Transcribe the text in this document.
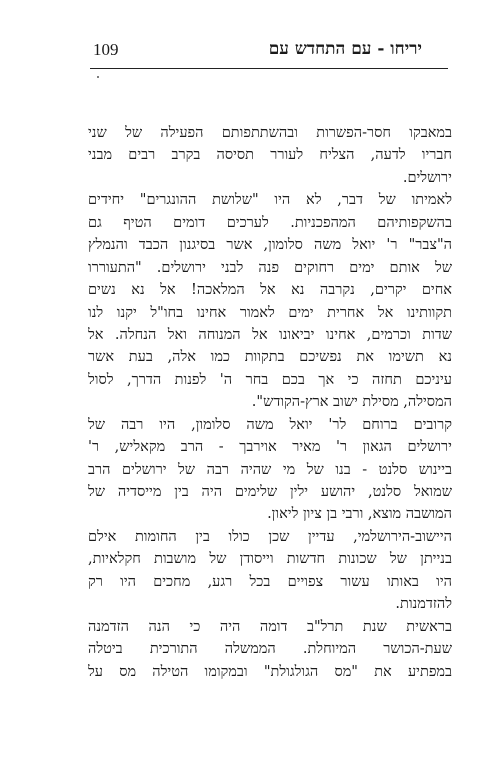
109	יריחו - עם התחדש עם

במאבקו חסר-הפשרות ובהשתתפותם הפעילה של שני
חבריו לדעה, הצליח לעורר תסיסה בקרב רבים מבני
ירושלים.

לאמיתו של דבר, לא היו "שלושת ההונגרים" יחידים
בהשקפותיהם המהפכניות. לערכים דומים הטיף גם
ה"צבר" ר' יואל משה סלומון, אשר בסיגנון הכבד והנמלץ
של אותם ימים רחוקים פנה לבני ירושלים. "התעוררו
אחים יקרים, נקרבה נא אל המלאכה! אל נא נשים
תקוותינו אל אחרית ימים לאמור אחינו בחו"ל יקנו לנו
שדות וכרמים, אחינו יביאונו אל המנוחה ואל הנחלה. אל
נא תשימו את נפשיכם בתקוות כמו אלה, בעת אשר
עיניכם תחזה כי אך בכם בחר ה' לפנות הדרך, לסול
המסילה, מסילת ישוב ארץ-הקודש".

קרובים ברוחם לר' יואל משה סלומון, היו רבה של
ירושלים הגאון ר' מאיר אוירבך - הרב מקאליש, ר'
ביינוש סלנט - בנו של מי שהיה רבה של ירושלים הרב
שמואל סלנט, יהושע ילין שלימים היה בין מייסדיה של
המושבה מוצא, ורבי בן ציון ליאון.

היישוב-הירושלמי, עדיין שכן כולו בין החומות אילם
בנייתן של שכונות חדשות וייסודן של מושבות חקלאיות,
היו באותו עשור צפויים בכל רגע, מחכים היו רק
להזדמנות.

בראשית שנת תרל"ב דומה היה כי הנה הזדמנה
שעת-הכושר המיוחלת. הממשלה התורכית ביטלה
במפתיע את "מס הגולגולת" ובמקומו הטילה מס על
